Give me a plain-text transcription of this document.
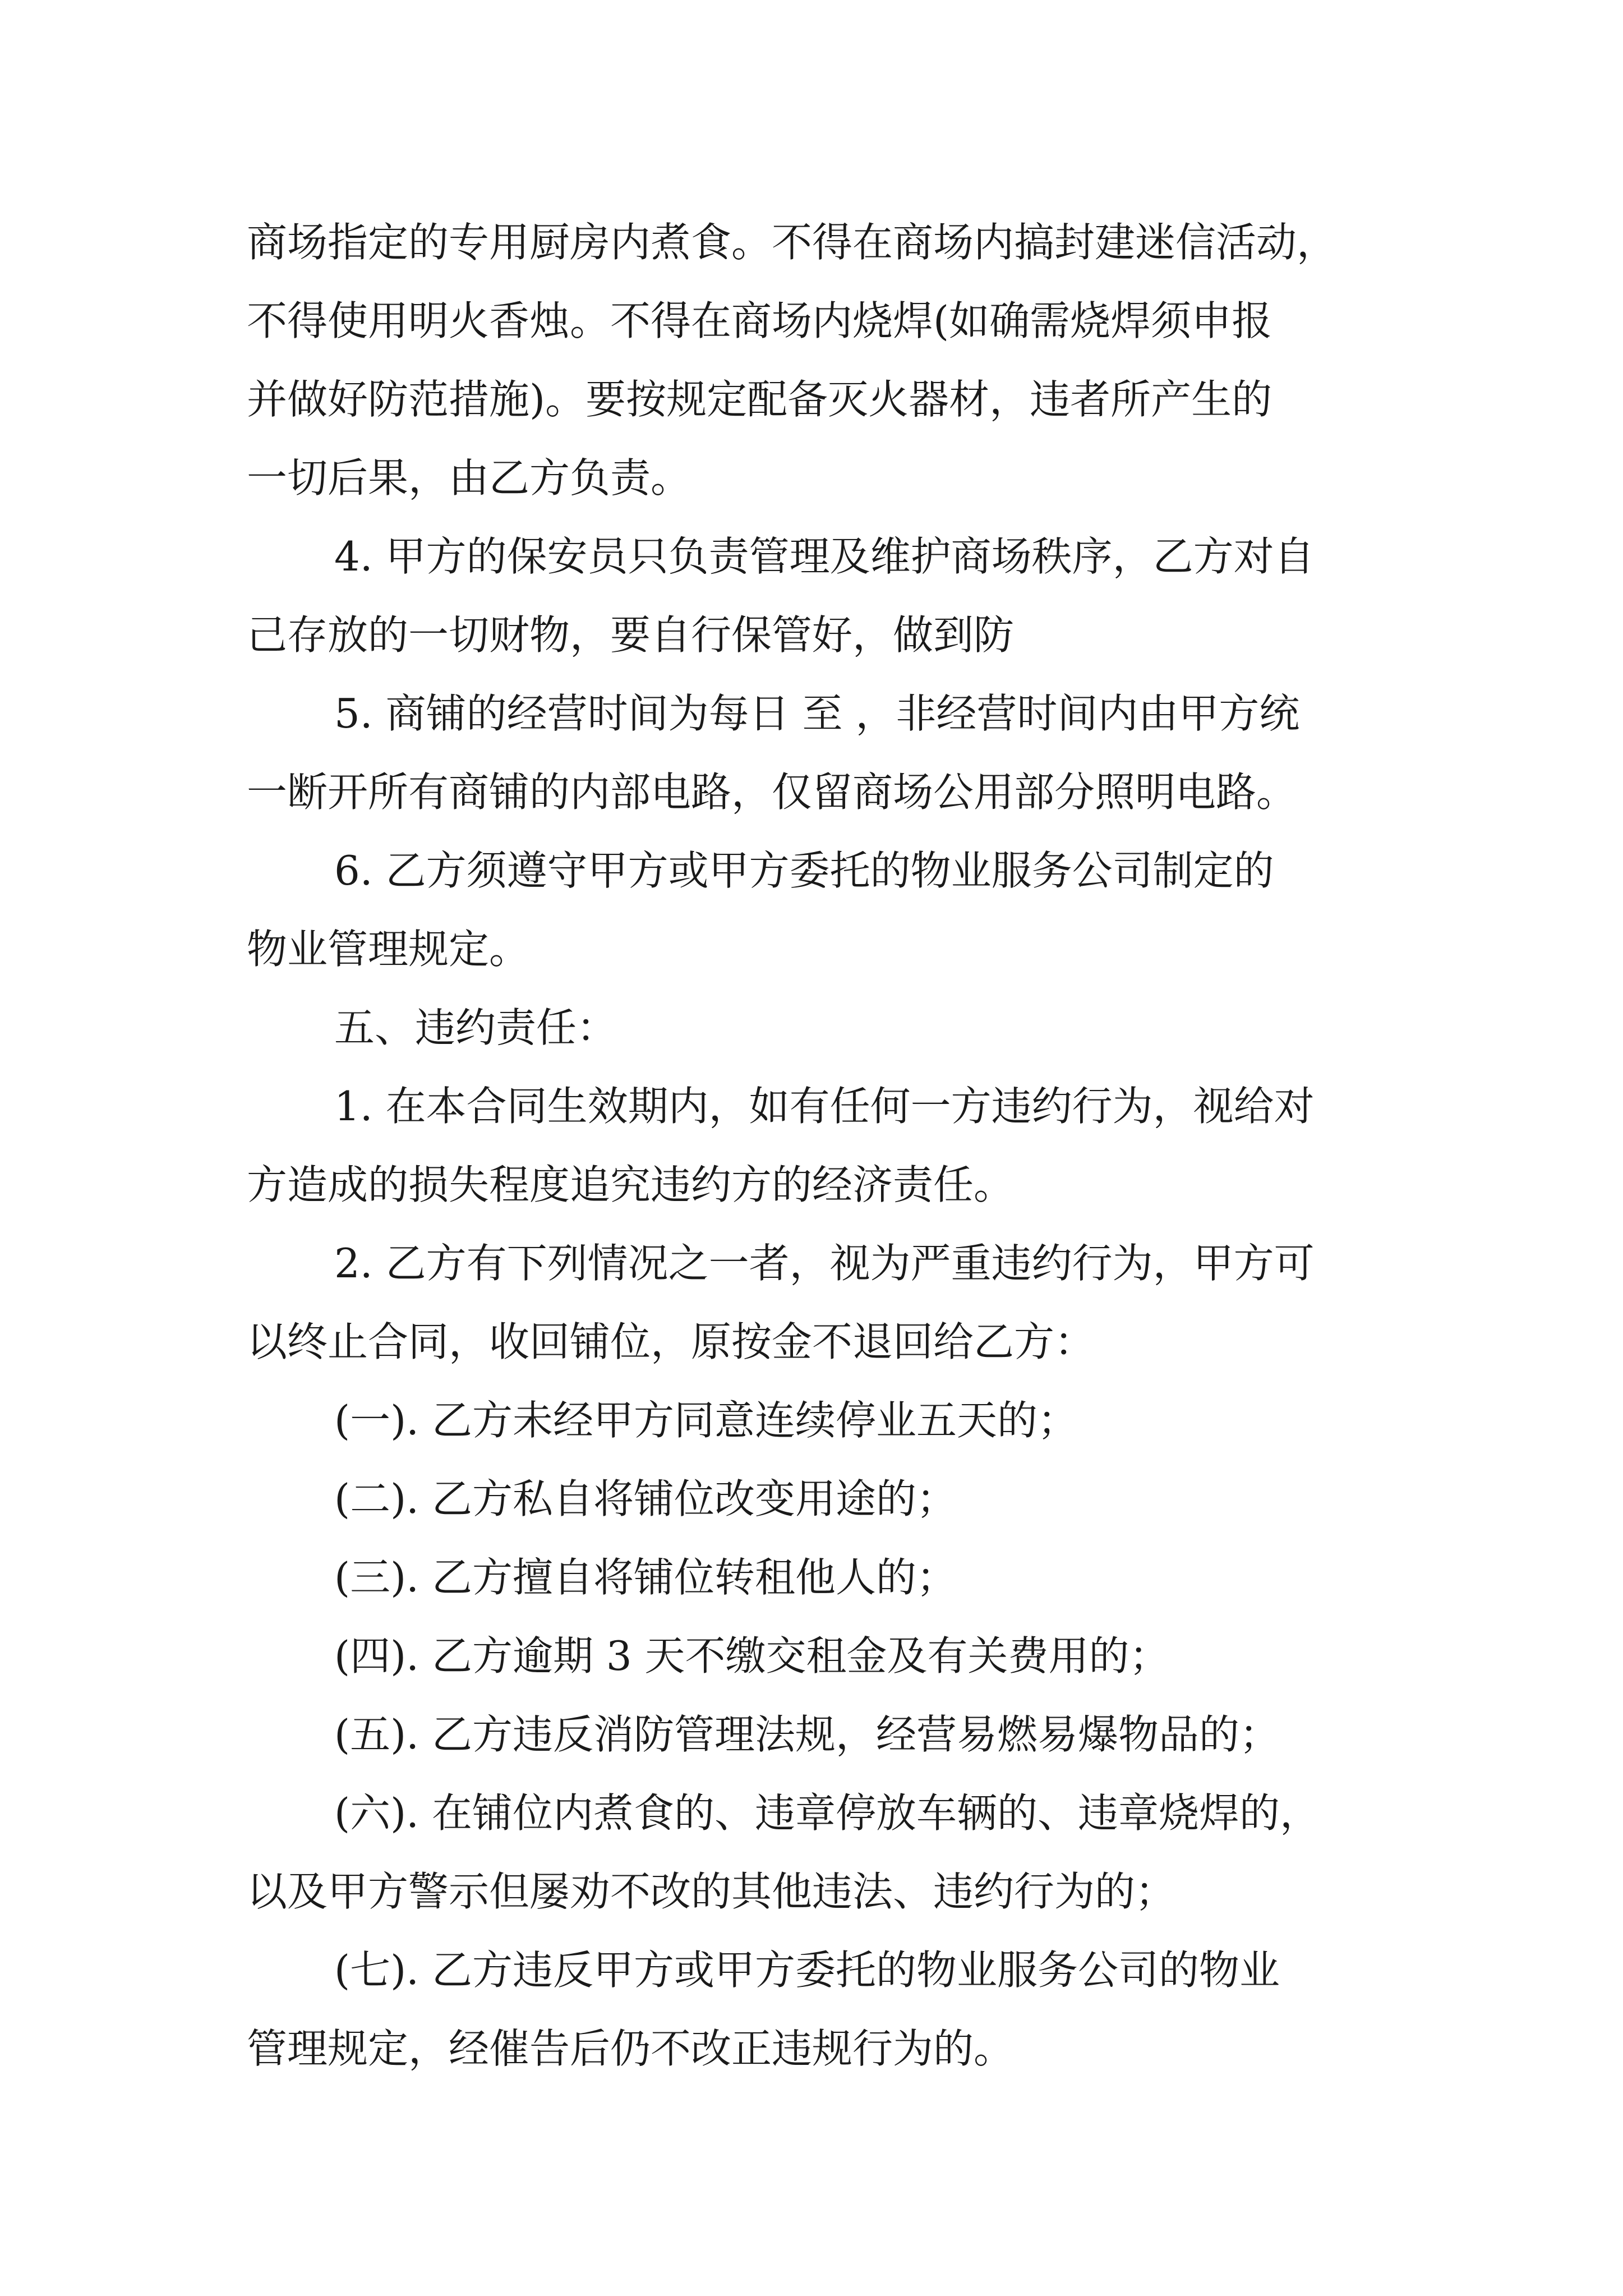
商场指定的专用厨房内煮食。不得在商场内搞封建迷信活动，
不得使用明火香烛。不得在商场内烧焊(如确需烧焊须申报
并做好防范措施)。要按规定配备灭火器材，违者所产生的
一切后果，由乙方负责。
4. 甲方的保安员只负责管理及维护商场秩序，乙方对自
己存放的一切财物，要自行保管好，做到防
5. 商铺的经营时间为每日 至 ，非经营时间内由甲方统
一断开所有商铺的内部电路，仅留商场公用部分照明电路。
6. 乙方须遵守甲方或甲方委托的物业服务公司制定的
物业管理规定。
五、违约责任：
1. 在本合同生效期内，如有任何一方违约行为，视给对
方造成的损失程度追究违约方的经济责任。
2. 乙方有下列情况之一者，视为严重违约行为，甲方可
以终止合同，收回铺位，原按金不退回给乙方：
(一). 乙方未经甲方同意连续停业五天的；
(二). 乙方私自将铺位改变用途的；
(三). 乙方擅自将铺位转租他人的；
(四). 乙方逾期 3 天不缴交租金及有关费用的；
(五). 乙方违反消防管理法规，经营易燃易爆物品的；
(六). 在铺位内煮食的、违章停放车辆的、违章烧焊的，
以及甲方警示但屡劝不改的其他违法、违约行为的；
(七). 乙方违反甲方或甲方委托的物业服务公司的物业
管理规定，经催告后仍不改正违规行为的。
